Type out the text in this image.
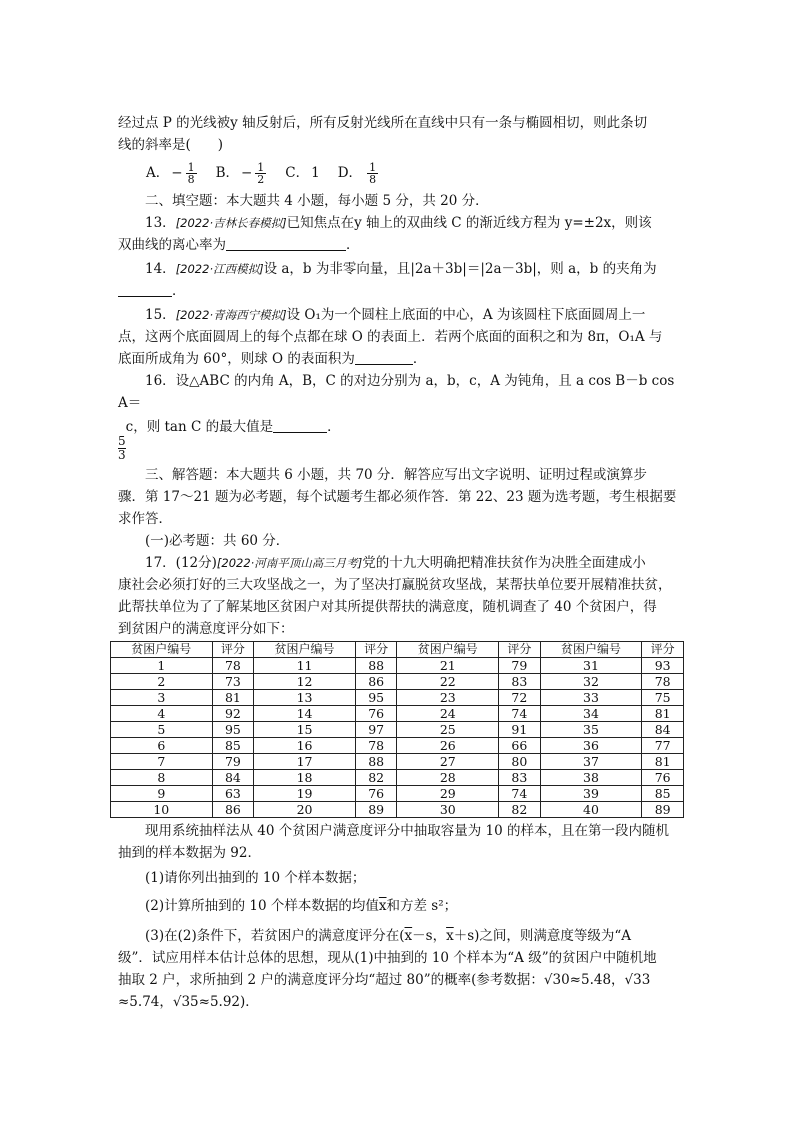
经过点 P 的光线被y 轴反射后，所有反射光线所在直线中只有一条与椭圆相切，则此条切

线的斜率是(　　)

A． − $\frac{1}{8}$ B． − $\frac{1}{2}$ C． 1 D． $\frac{1}{8}$

二、填空题：本大题共 4 小题，每小题 5 分，共 20 分．

13．[2022·吉林长春模拟]已知焦点在y 轴上的双曲线 C 的渐近线方程为 y=±2x，则该

双曲线的离心率为	．

14．[2022·江西模拟]设 a，b 为非零向量，且|2a＋3b|＝|2a－3b|，则 a，b 的夹角为

．

15．[2022·青海西宁模拟]设 O₁为一个圆柱上底面的中心，A 为该圆柱下底面圆周上一

点，这两个底面圆周上的每个点都在球 O 的表面上．若两个底面的面积之和为 8π，O₁A 与

底面所成角为 60°，则球 O 的表面积为	．

16．设△ABC 的内角 A，B，C 的对边分别为 a，b，c，A 为钝角，且 a cos B－b cos A＝

$\frac{5}{3}$
c，则 tan C 的最大值是	．

三、解答题：本大题共 6 小题，共 70 分．解答应写出文字说明、证明过程或演算步

骤．第 17～21 题为必考题，每个试题考生都必须作答．第 22、23 题为选考题，考生根据要

求作答．

(一)必考题：共 60 分．

17．(12分)[2022·河南平顶山高三月考]党的十九大明确把精准扶贫作为决胜全面建成小

康社会必须打好的三大攻坚战之一，为了坚决打赢脱贫攻坚战，某帮扶单位要开展精准扶贫，

此帮扶单位为了了解某地区贫困户对其所提供帮扶的满意度，随机调查了 40 个贫困户，得

到贫困户的满意度评分如下：

贫困户编号	评分	贫困户编号	评分	贫困户编号	评分	贫困户编号	评分
1	78	11	88	21	79	31	93
2	73	12	86	22	83	32	78
3	81	13	95	23	72	33	75
4	92	14	76	24	74	34	81
5	95	15	97	25	91	35	84
6	85	16	78	26	66	36	77
7	79	17	88	27	80	37	81
8	84	18	82	28	83	38	76
9	63	19	76	29	74	39	85
10	86	20	89	30	82	40	89

现用系统抽样法从 40 个贫困户满意度评分中抽取容量为 10 的样本，且在第一段内随机

抽到的样本数据为 92．

(1)请你列出抽到的 10 个样本数据；

(2)计算所抽到的 10 个样本数据的均值$\overline{x}$和方差 s²；

(3)在(2)条件下，若贫困户的满意度评分在($\overline{x}-s$，$\overline{x}+s$)之间，则满意度等级为“A

级”．试应用样本估计总体的思想，现从(1)中抽到的 10 个样本为“A 级”的贫困户中随机地

抽取 2 户，求所抽到 2 户的满意度评分均“超过 80”的概率(参考数据：√30≈5.48，√33

≈5.74，√35≈5.92)．
